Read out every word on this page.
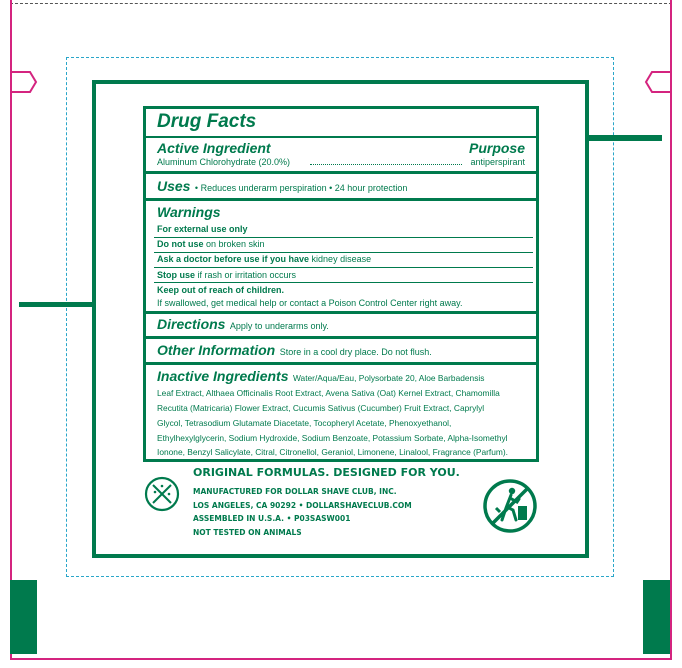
Drug Facts
Active Ingredient	Purpose
Aluminum Chlorohydrate (20.0%)	antiperspirant
Uses • Reduces underarm perspiration • 24 hour protection
Warnings
For external use only
Do not use on broken skin
Ask a doctor before use if you have kidney disease
Stop use if rash or irritation occurs
Keep out of reach of children.
If swallowed, get medical help or contact a Poison Control Center right away.
Directions Apply to underarms only.
Other Information Store in a cool dry place. Do not flush.
Inactive Ingredients Water/Aqua/Eau, Polysorbate 20, Aloe Barbadensis
Leaf Extract, Althaea Officinalis Root Extract, Avena Sativa (Oat) Kernel Extract, Chamomilla
Recutita (Matricaria) Flower Extract, Cucumis Sativus (Cucumber) Fruit Extract, Caprylyl
Glycol, Tetrasodium Glutamate Diacetate, Tocopheryl Acetate, Phenoxyethanol,
Ethylhexylglycerin, Sodium Hydroxide, Sodium Benzoate, Potassium Sorbate, Alpha-Isomethyl
Ionone, Benzyl Salicylate, Citral, Citronellol, Geraniol, Limonene, Linalool, Fragrance (Parfum).
ORIGINAL FORMULAS. DESIGNED FOR YOU.
MANUFACTURED FOR DOLLAR SHAVE CLUB, INC.
LOS ANGELES, CA 90292 • DOLLARSHAVECLUB.COM
ASSEMBLED IN U.S.A. • P03SASW001
NOT TESTED ON ANIMALS
